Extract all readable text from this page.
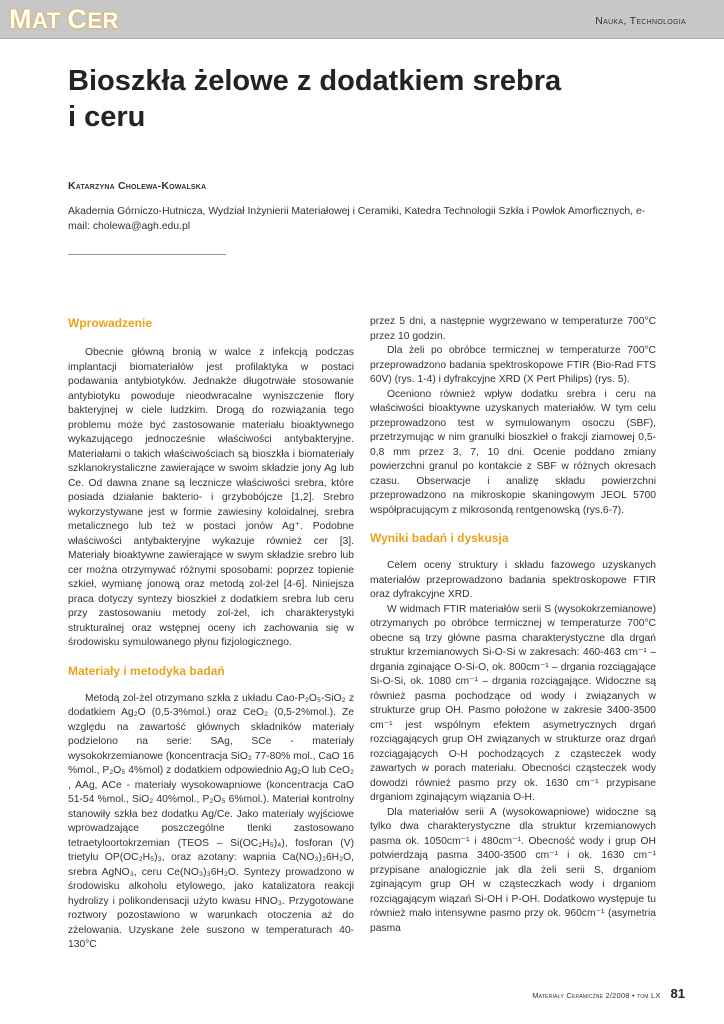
MAT CER	Nauka, Technologia
Bioszkła żelowe z dodatkiem srebra
i ceru
Katarzyna Cholewa-Kowalska
Akademia Górniczo-Hutnicza, Wydział Inżynierii Materiałowej i Ceramiki, Katedra Technologii Szkła i Powłok Amorficznych, e-mail: cholewa@agh.edu.pl
Wprowadzenie

Obecnie główną bronią w walce z infekcją podczas implantacji biomateriałów jest profilaktyka w postaci podawania antybiotyków. Jednakże długotrwałe stosowanie antybiotyku powoduje nieodwracalne wyniszczenie flory bakteryjnej w ciele ludzkim. Drogą do rozwiązania tego problemu może być zastosowanie materiału bioaktywnego wykazującego jednocześnie właściwości antybakteryjne. Materiałami o takich właściwościach są bioszkła i biomateriały szklanokrystaliczne zawierające w swoim składzie jony Ag lub Ce. Od dawna znane są lecznicze właściwości srebra, które posiada działanie bakterio- i grzybobójcze [1,2]. Srebro wykorzystywane jest w formie zawiesiny koloidalnej, srebra metalicznego lub też w postaci jonów Ag⁺. Podobne właściwości antybakteryjne wykazuje również cer [3]. Materiały bioaktywne zawierające w swym składzie srebro lub cer można otrzymywać różnymi sposobami: poprzez topienie szkieł, wymianę jonową oraz metodą zol-żel [4-6]. Niniejsza praca dotyczy syntezy bioszkieł z dodatkiem srebra lub ceru przy zastosowaniu metody zol-żel, ich charakterystyki strukturalnej oraz wstępnej oceny ich zachowania się w środowisku symulowanego płynu fizjologicznego.

Materiały i metodyka badań

Metodą zol-żel otrzymano szkła z układu Cao-P₂O₅-SiO₂ z dodatkiem Ag₂O (0,5-3%mol.) oraz CeO₂ (0,5-2%mol.). Ze względu na zawartość głównych składników materiały podzielono na serie: SAg, SCe - materiały wysokokrzemianowe (koncentracja SiO₂ 77-80% mol., CaO 16 %mol., P₂O₅ 4%mol) z dodatkiem odpowiednio Ag₂O lub CeO₂ , AAg, ACe - materiały wysokowapniowe (koncentracja CaO 51-54 %mol., SiO₂ 40%mol., P₂O₅ 6%mol.). Materiał kontrolny stanowiły szkła bez dodatku Ag/Ce. Jako materiały wyjściowe wprowadzające poszczególne tlenki zastosowano tetraetyloortokrzemian (TEOS – Si(OC₂H₅)₄), fosforan (V) trietylu OP(OC₂H₅)₃, oraz azotany: wapnia Ca(NO₃)₂6H₂O, srebra AgNO₃, ceru Ce(NO₃)₃6H₂O. Syntezy prowadzono w środowisku alkoholu etylowego, jako katalizatora reakcji hydrolizy i polikondensacji użyto kwasu HNO₃. Przygotowane roztwory pozostawiono w warunkach otoczenia aż do zżelowania. Uzyskane żele suszono w temperaturach 40-130°C

przez 5 dni, a następnie wygrzewano w temperaturze 700°C przez 10 godzin.

Dla żeli po obróbce termicznej w temperaturze 700°C przeprowadzono badania spektroskopowe FTIR (Bio-Rad FTS 60V) (rys. 1-4) i dyfrakcyjne XRD (X Pert Philips) (rys. 5).

Oceniono również wpływ dodatku srebra i ceru na właściwości bioaktywne uzyskanych materiałów. W tym celu przeprowadzono test w symulowanym osoczu (SBF), przetrzymując w nim granulki bioszkieł o frakcji ziarnowej 0,5-0,8 mm przez 3, 7, 10 dni. Ocenie poddano zmiany powierzchni granul po kontakcie z SBF w różnych okresach czasu. Obserwacje i analizę składu powierzchni przeprowadzono na mikroskopie skaningowym JEOL 5700 współpracującym z mikrosondą rentgenowską (rys.6-7).

Wyniki badań i dyskusja

Celem oceny struktury i składu fazowego uzyskanych materiałów przeprowadzono badania spektroskopowe FTIR oraz dyfrakcyjne XRD.

W widmach FTIR materiałów serii S (wysokokrzemianowe) otrzymanych po obróbce termicznej w temperaturze 700°C obecne są trzy główne pasma charakterystyczne dla drgań struktur krzemianowych Si-O-Si w zakresach: 460-463 cm⁻¹ – drgania zginające O-Si-O, ok. 800cm⁻¹ – drgania rozciągające Si-O-Si, ok. 1080 cm⁻¹ – drgania rozciągające. Widoczne są również pasma pochodzące od wody i związanych w strukturze grup OH. Pasmo położone w zakresie 3400-3500 cm⁻¹ jest wspólnym efektem asymetrycznych drgań rozciągających grup OH związanych w strukturze oraz drgań rozciągających O-H pochodzących z cząsteczek wody zawartych w porach materiału. Obecności cząsteczek wody dowodzi również pasmo przy ok. 1630 cm⁻¹ przypisane drganiom zginającym wiązania O-H.

Dla materiałów serii A (wysokowapniowe) widoczne są tylko dwa charakterystyczne dla struktur krzemianowych pasma ok. 1050cm⁻¹ i 480cm⁻¹. Obecność wody i grup OH potwierdzają pasma 3400-3500 cm⁻¹ i ok. 1630 cm⁻¹ przypisane analogicznie jak dla żeli serii S, drganiom zginającym grup OH w cząsteczkach wody i drganiom rozciągającym wiązań Si-OH i P-OH. Dodatkowo występuje tu również mało intensywne pasmo przy ok. 960cm⁻¹ (asymetria pasma

Materiały Ceramiczne 2/2008 • tom LX 81
